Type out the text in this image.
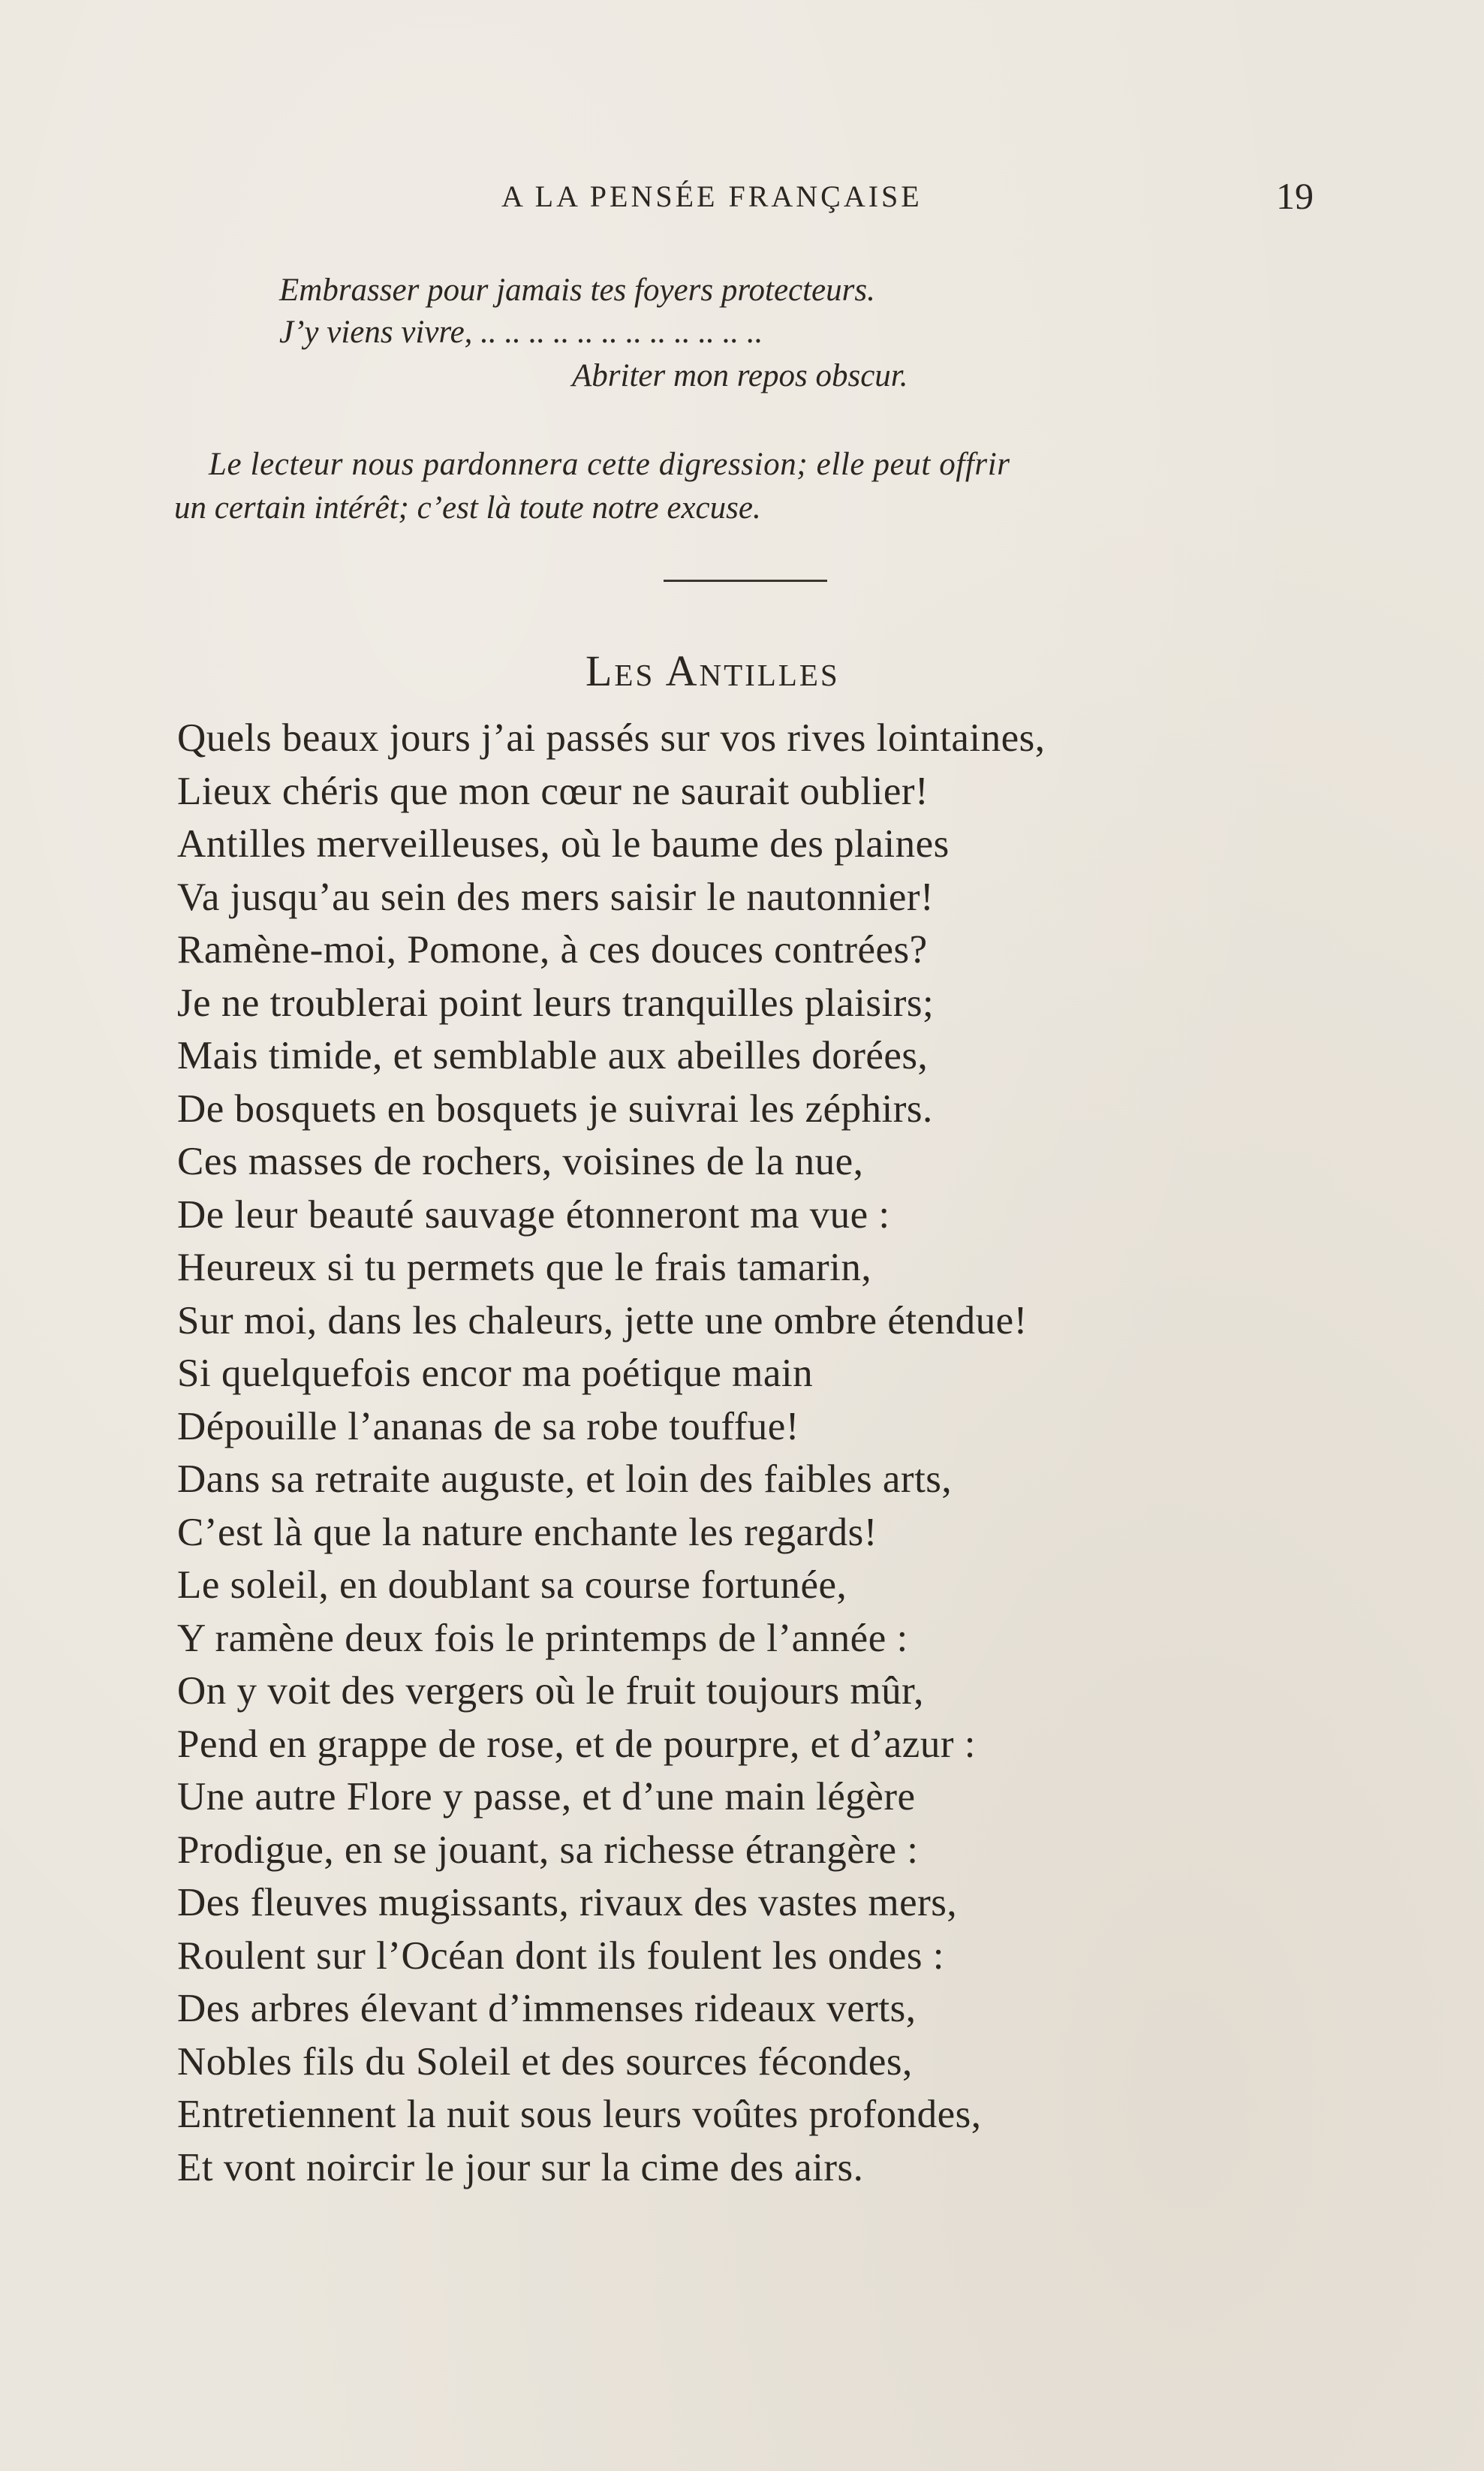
A LA PENSÉE FRANÇAISE	19
Embrasser pour jamais tes foyers protecteurs.
J’y viens vivre, .. .. .. .. .. .. .. .. .. .. .. ..
Abriter mon repos obscur.
Le lecteur nous pardonnera cette digression; elle peut offrir
un certain intérêt; c’est là toute notre excuse.
Les Antilles
Quels beaux jours j’ai passés sur vos rives lointaines,
Lieux chéris que mon cœur ne saurait oublier!
Antilles merveilleuses, où le baume des plaines
Va jusqu’au sein des mers saisir le nautonnier!
Ramène-moi, Pomone, à ces douces contrées?
Je ne troublerai point leurs tranquilles plaisirs;
Mais timide, et semblable aux abeilles dorées,
De bosquets en bosquets je suivrai les zéphirs.
Ces masses de rochers, voisines de la nue,
De leur beauté sauvage étonneront ma vue :
Heureux si tu permets que le frais tamarin,
Sur moi, dans les chaleurs, jette une ombre étendue!
Si quelquefois encor ma poétique main
Dépouille l’ananas de sa robe touffue!
Dans sa retraite auguste, et loin des faibles arts,
C’est là que la nature enchante les regards!
Le soleil, en doublant sa course fortunée,
Y ramène deux fois le printemps de l’année :
On y voit des vergers où le fruit toujours mûr,
Pend en grappe de rose, et de pourpre, et d’azur :
Une autre Flore y passe, et d’une main légère
Prodigue, en se jouant, sa richesse étrangère :
Des fleuves mugissants, rivaux des vastes mers,
Roulent sur l’Océan dont ils foulent les ondes :
Des arbres élevant d’immenses rideaux verts,
Nobles fils du Soleil et des sources fécondes,
Entretiennent la nuit sous leurs voûtes profondes,
Et vont noircir le jour sur la cime des airs.
